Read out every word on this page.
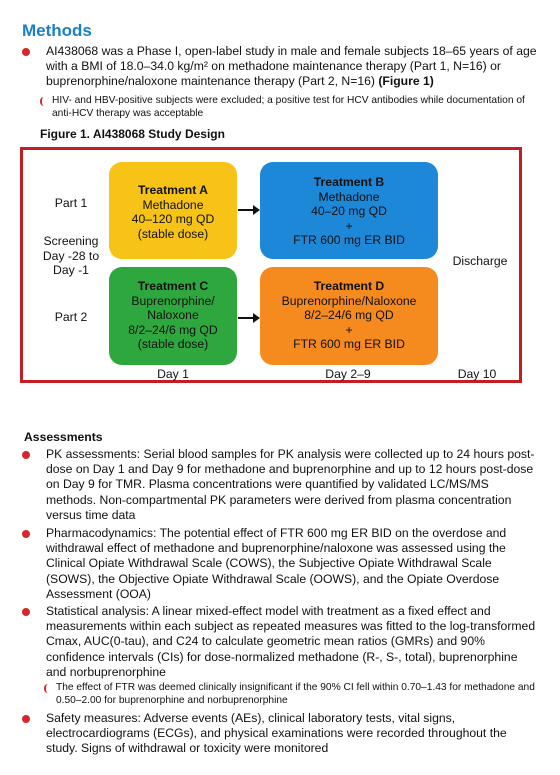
Methods
AI438068 was a Phase I, open-label study in male and female subjects 18–65 years of age with a BMI of 18.0–34.0 kg/m² on methadone maintenance therapy (Part 1, N=16) or buprenorphine/naloxone maintenance therapy (Part 2, N=16) (Figure 1)
HIV- and HBV-positive subjects were excluded; a positive test for HCV antibodies while documentation of anti-HCV therapy was acceptable
Figure 1. AI438068 Study Design
Part 1
Screening Day -28 to Day -1
Part 2
Discharge
Treatment A
Methadone
40–120 mg QD
(stable dose)
Treatment B
Methadone
40–20 mg QD
+
FTR 600 mg ER BID
Treatment C
Buprenorphine/
Naloxone
8/2–24/6 mg QD
(stable dose)
Treatment D
Buprenorphine/Naloxone
8/2–24/6 mg QD
+
FTR 600 mg ER BID
Day 1	Day 2–9	Day 10
Assessments
PK assessments: Serial blood samples for PK analysis were collected up to 24 hours post-dose on Day 1 and Day 9 for methadone and buprenorphine and up to 12 hours post-dose on Day 9 for TMR. Plasma concentrations were quantified by validated LC/MS/MS methods. Non-compartmental PK parameters were derived from plasma concentration versus time data
Pharmacodynamics: The potential effect of FTR 600 mg ER BID on the overdose and withdrawal effect of methadone and buprenorphine/naloxone was assessed using the Clinical Opiate Withdrawal Scale (COWS), the Subjective Opiate Withdrawal Scale (SOWS), the Objective Opiate Withdrawal Scale (OOWS), and the Opiate Overdose Assessment (OOA)
Statistical analysis: A linear mixed-effect model with treatment as a fixed effect and measurements within each subject as repeated measures was fitted to the log-transformed Cmax, AUC(0-tau), and C24 to calculate geometric mean ratios (GMRs) and 90% confidence intervals (CIs) for dose-normalized methadone (R-, S-, total), buprenorphine and norbuprenorphine
The effect of FTR was deemed clinically insignificant if the 90% CI fell within 0.70–1.43 for methadone and 0.50–2.00 for buprenorphine and norbuprenorphine
Safety measures: Adverse events (AEs), clinical laboratory tests, vital signs, electrocardiograms (ECGs), and physical examinations were recorded throughout the study. Signs of withdrawal or toxicity were monitored
